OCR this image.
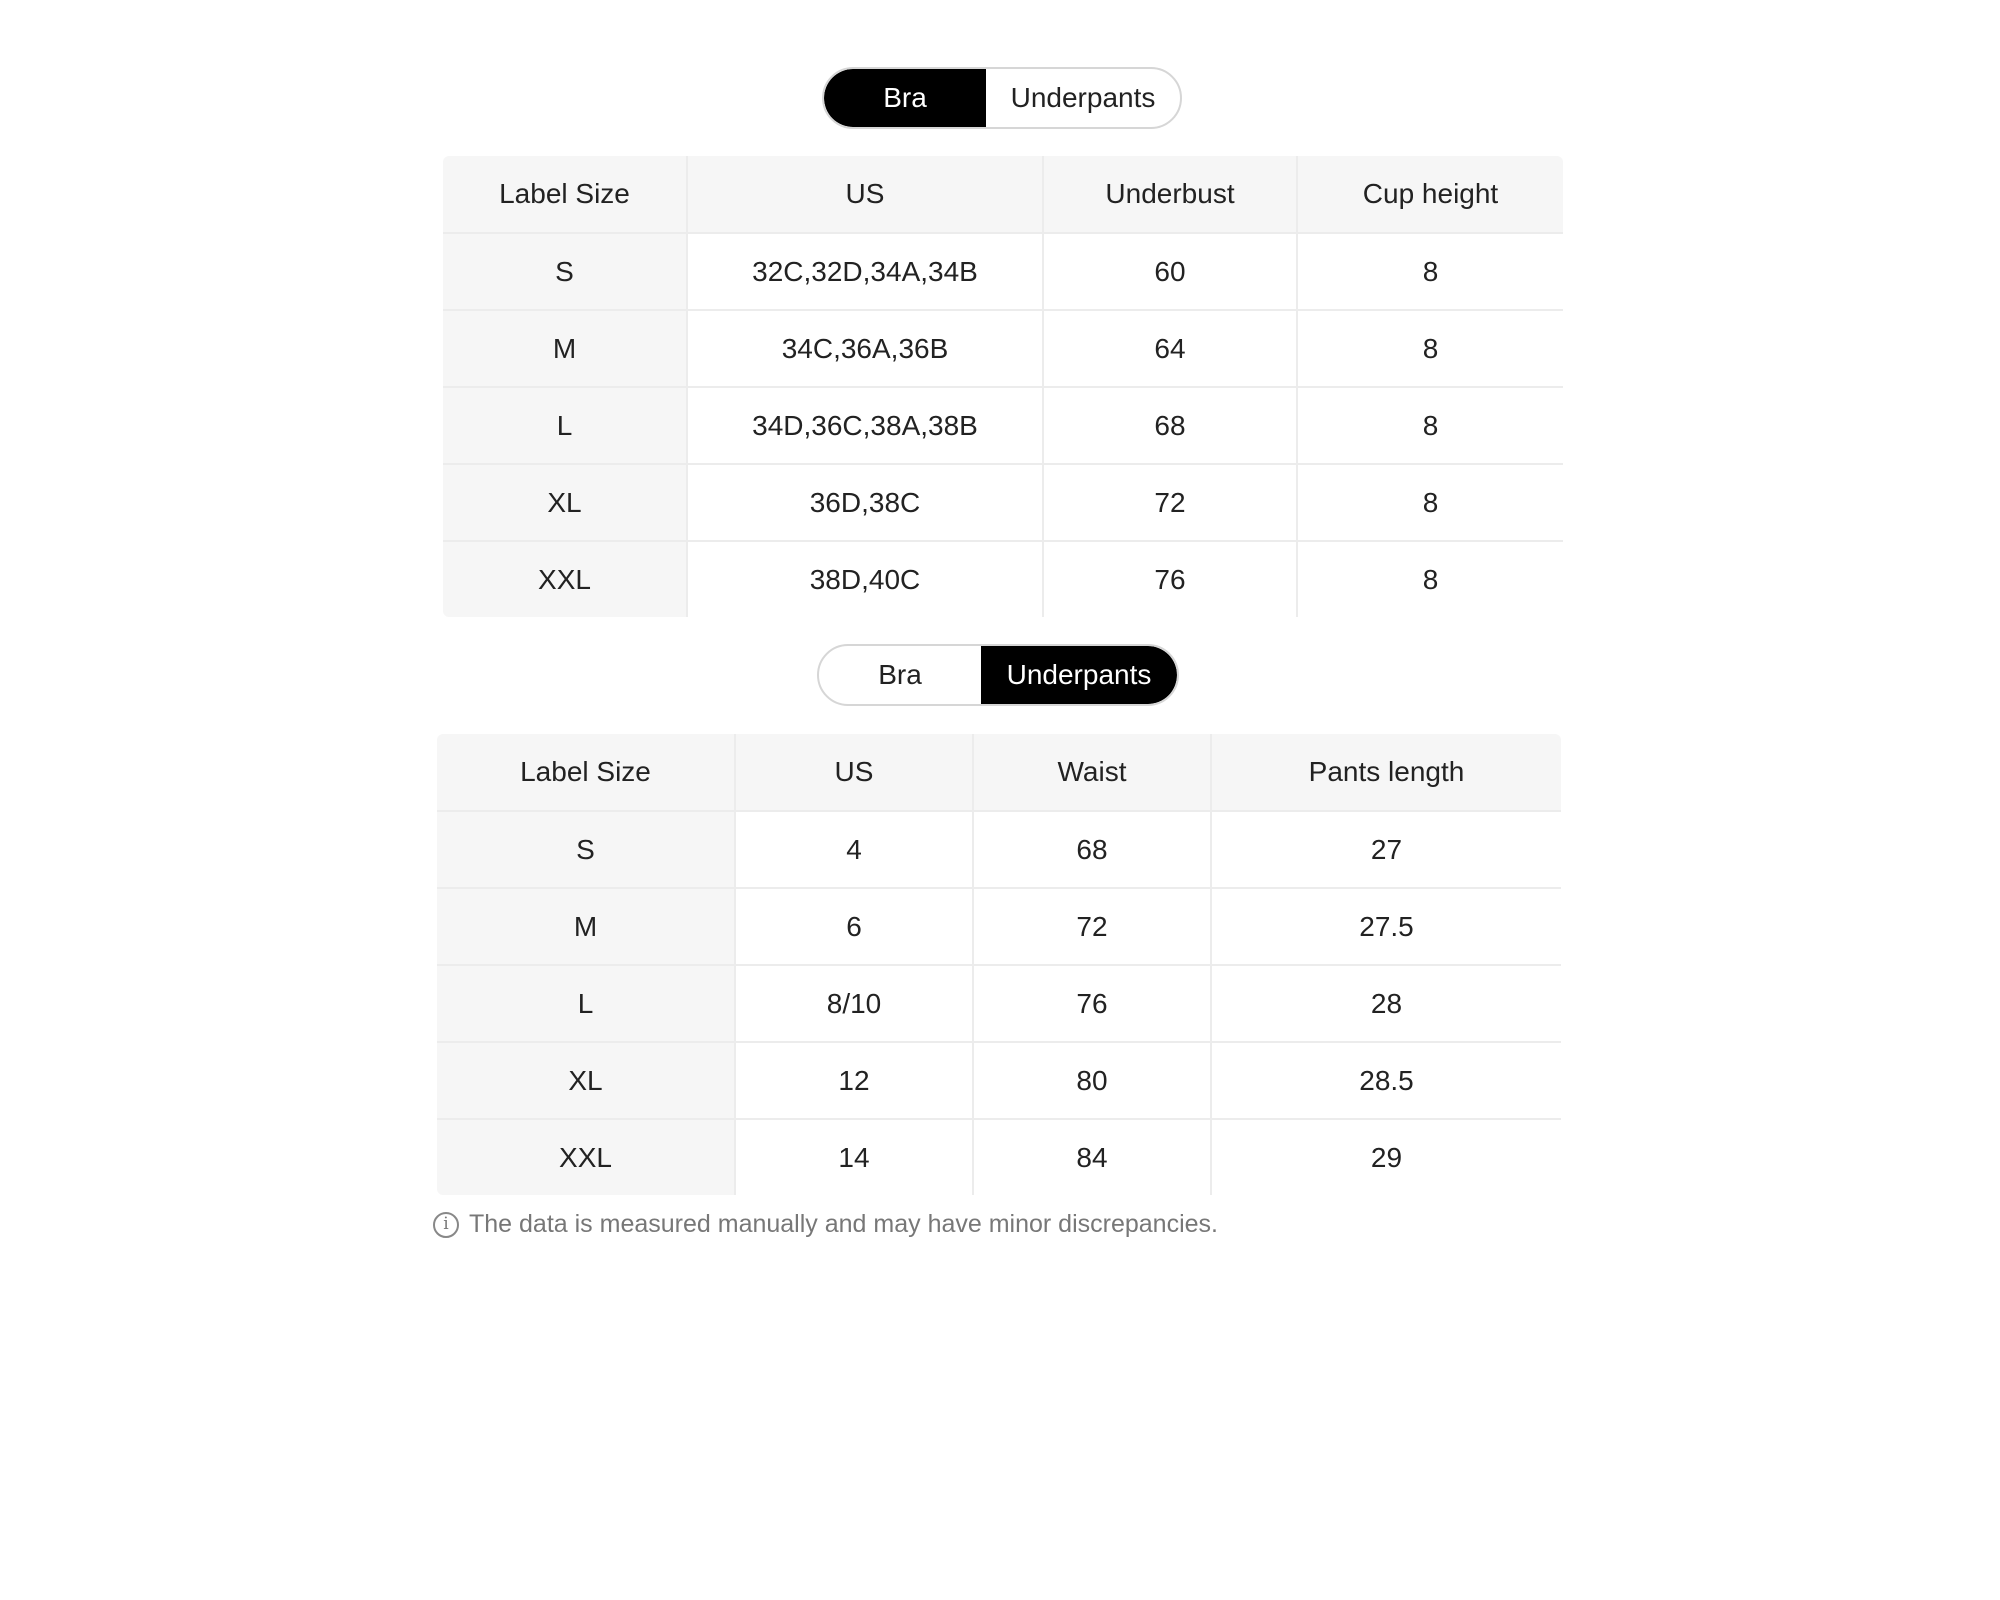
Bra	Underpants
Label Size	US	Underbust	Cup height
S	32C,32D,34A,34B	60	8
M	34C,36A,36B	64	8
L	34D,36C,38A,38B	68	8
XL	36D,38C	72	8
XXL	38D,40C	76	8
Bra	Underpants
Label Size	US	Waist	Pants length
S	4	68	27
M	6	72	27.5
L	8/10	76	28
XL	12	80	28.5
XXL	14	84	29
i The data is measured manually and may have minor discrepancies.
